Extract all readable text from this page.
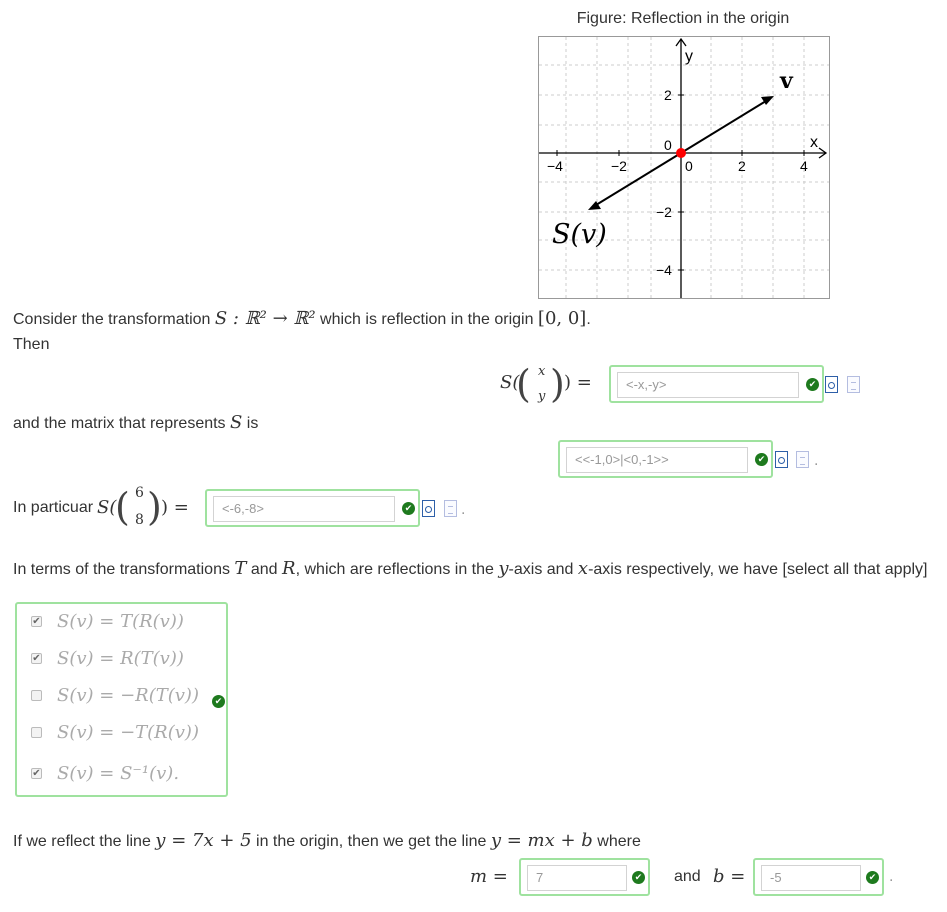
Figure: Reflection in the origin
−4	−2	0	2	4
2
0
−2
−4
y
x
v
S(v)
Consider the transformation S : ℝ² → ℝ² which is reflection in the origin [0, 0].
Then
S(
( x
y ) ) =	<-x,-y>	✔
and the matrix that represents S is
<<-1,0>|<0,-1>>	✔	.
In particuar S(
( 6
8 ) ) =	<-6,-8>	✔	.
In terms of the transformations T and R, which are reflections in the y-axis and x-axis respectively, we have [select all that apply]
✔ S(v) = T(R(v))
✔ S(v) = R(T(v))
S(v) = −R(T(v))	✔
S(v) = −T(R(v))
✔ S(v) = S⁻¹(v).
If we reflect the line y = 7x + 5 in the origin, then we get the line y = mx + b where
m =	7	✔ and b =	-5	✔ .
